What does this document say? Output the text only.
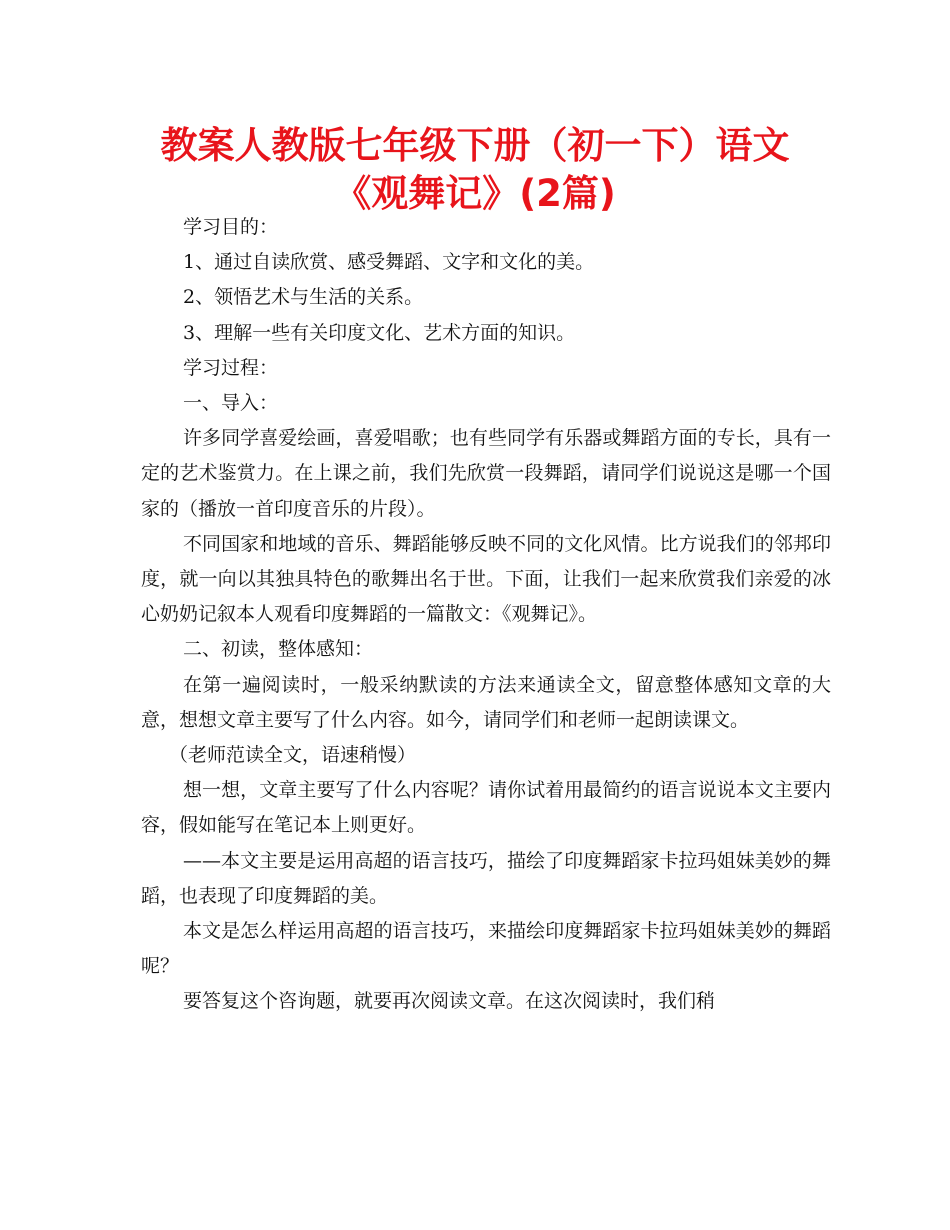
教案人教版七年级下册（初一下）语文
《观舞记》(2篇)

学习目的：

1、通过自读欣赏、感受舞蹈、文字和文化的美。

2、领悟艺术与生活的关系。

3、理解一些有关印度文化、艺术方面的知识。

学习过程：

一、导入：

许多同学喜爱绘画，喜爱唱歌；也有些同学有乐器或舞蹈方面的专长，具有一定的艺术鉴赏力。在上课之前，我们先欣赏一段舞蹈，请同学们说说这是哪一个国家的（播放一首印度音乐的片段）。

不同国家和地域的音乐、舞蹈能够反映不同的文化风情。比方说我们的邻邦印度，就一向以其独具特色的歌舞出名于世。下面，让我们一起来欣赏我们亲爱的冰心奶奶记叙本人观看印度舞蹈的一篇散文：《观舞记》。

二、初读，整体感知：

在第一遍阅读时，一般采纳默读的方法来通读全文，留意整体感知文章的大意，想想文章主要写了什么内容。如今，请同学们和老师一起朗读课文。

（老师范读全文，语速稍慢）

想一想，文章主要写了什么内容呢？请你试着用最简约的语言说说本文主要内容，假如能写在笔记本上则更好。

——本文主要是运用高超的语言技巧，描绘了印度舞蹈家卡拉玛姐妹美妙的舞蹈，也表现了印度舞蹈的美。

本文是怎么样运用高超的语言技巧，来描绘印度舞蹈家卡拉玛姐妹美妙的舞蹈呢？

要答复这个咨询题，就要再次阅读文章。在这次阅读时，我们稍
